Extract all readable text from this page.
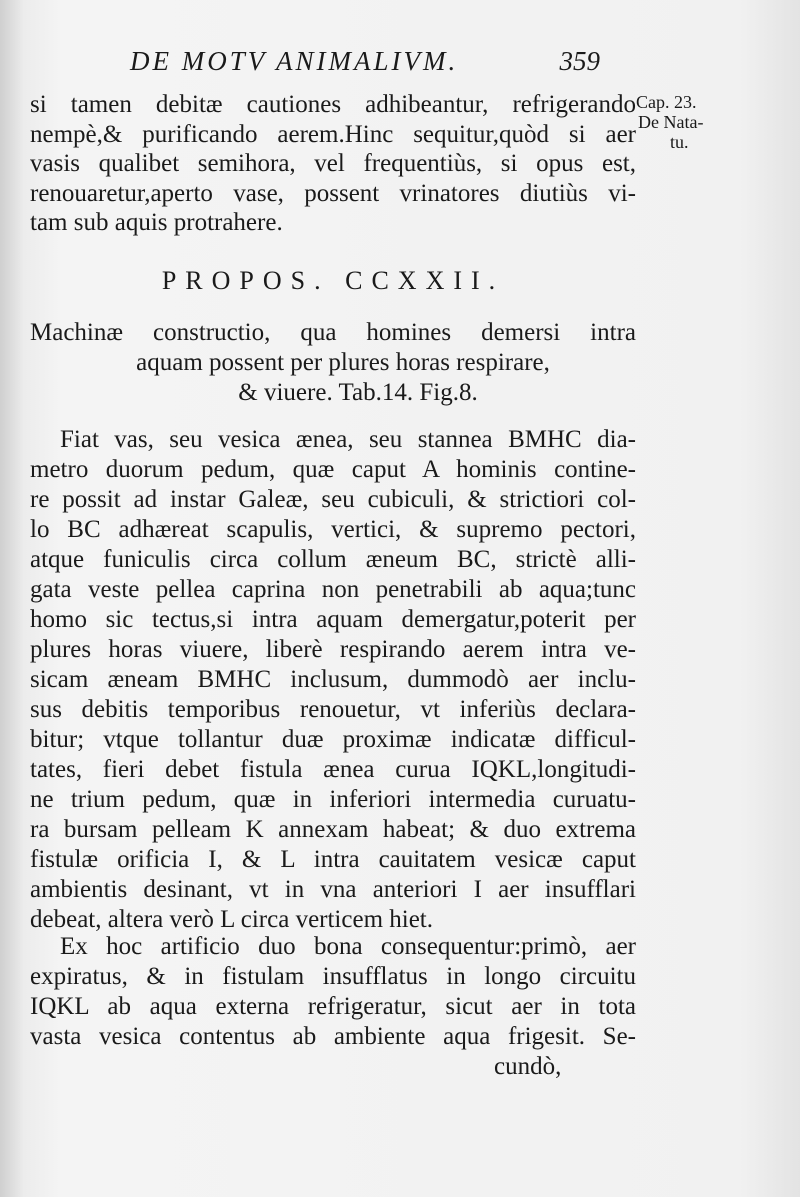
DE MOTV ANIMALIVM.	359
Cap. 23.
De Nata-
tu.
si tamen debitæ cautiones adhibeantur, refrigerando
nempè,& purificando aerem.Hinc sequitur,quòd si aer
vasis qualibet semihora, vel frequentiùs, si opus est,
renouaretur,aperto vase, possent vrinatores diutiùs vi-
tam sub aquis protrahere.
PROPOS. CCXXII.
Machinæ constructio, qua homines demersi intra
aquam possent per plures horas respirare,
& viuere. Tab.14. Fig.8.
Fiat vas, seu vesica ænea, seu stannea BMHC dia-
metro duorum pedum, quæ caput A hominis contine-
re possit ad instar Galeæ, seu cubiculi, & strictiori col-
lo BC adhæreat scapulis, vertici, & supremo pectori,
atque funiculis circa collum æneum BC, strictè alli-
gata veste pellea caprina non penetrabili ab aqua;tunc
homo sic tectus,si intra aquam demergatur,poterit per
plures horas viuere, liberè respirando aerem intra ve-
sicam æneam BMHC inclusum, dummodò aer inclu-
sus debitis temporibus renouetur, vt inferiùs declara-
bitur; vtque tollantur duæ proximæ indicatæ difficul-
tates, fieri debet fistula ænea curua IQKL,longitudi-
ne trium pedum, quæ in inferiori intermedia curuatu-
ra bursam pelleam K annexam habeat; & duo extrema
fistulæ orificia I, & L intra cauitatem vesicæ caput
ambientis desinant, vt in vna anteriori I aer insufflari
debeat, altera verò L circa verticem hiet.
Ex hoc artificio duo bona consequentur:primò, aer
expiratus, & in fistulam insufflatus in longo circuitu
IQKL ab aqua externa refrigeratur, sicut aer in tota
vasta vesica contentus ab ambiente aqua frigesit. Se-
cundò,
